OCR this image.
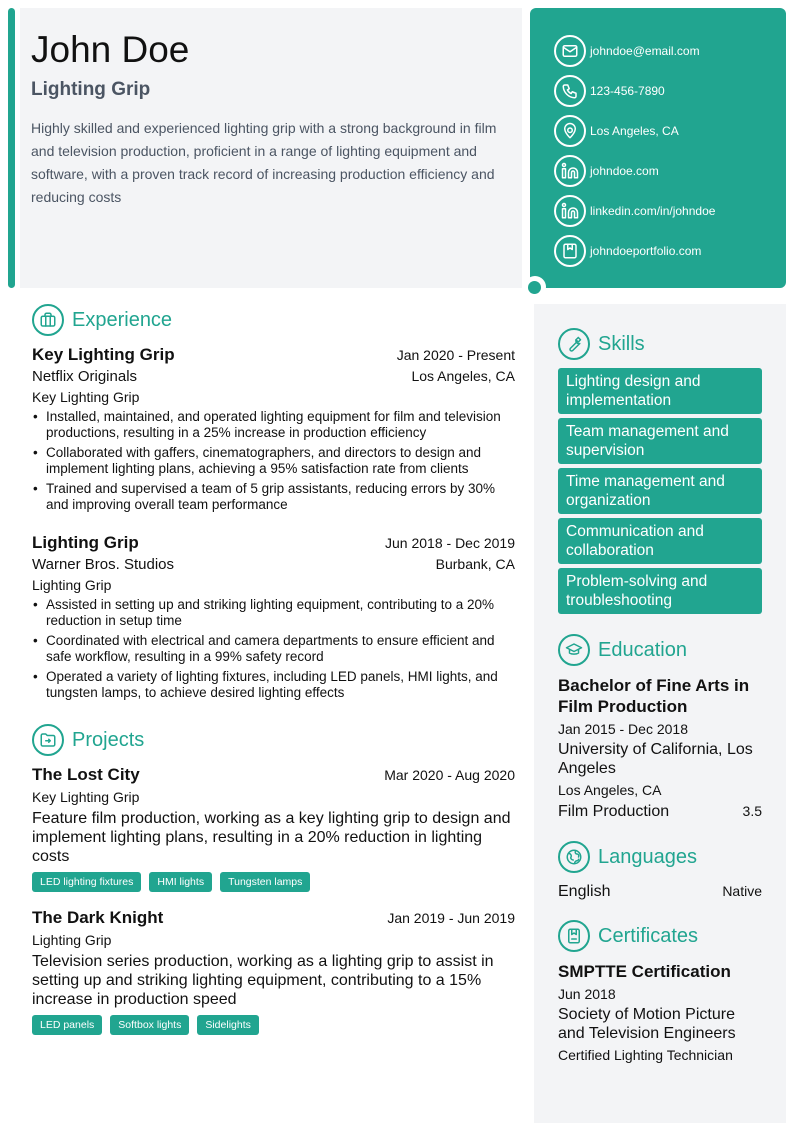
John Doe
Lighting Grip
Highly skilled and experienced lighting grip with a strong background in film and television production, proficient in a range of lighting equipment and software, with a proven track record of increasing production efficiency and reducing costs
johndoe@email.com
123-456-7890
Los Angeles, CA
johndoe.com
linkedin.com/in/johndoe
johndoeportfolio.com
Experience
Key Lighting Grip	Jan 2020 - Present
Netflix Originals	Los Angeles, CA
Key Lighting Grip
• Installed, maintained, and operated lighting equipment for film and television productions, resulting in a 25% increase in production efficiency
• Collaborated with gaffers, cinematographers, and directors to design and implement lighting plans, achieving a 95% satisfaction rate from clients
• Trained and supervised a team of 5 grip assistants, reducing errors by 30% and improving overall team performance
Lighting Grip	Jun 2018 - Dec 2019
Warner Bros. Studios	Burbank, CA
Lighting Grip
• Assisted in setting up and striking lighting equipment, contributing to a 20% reduction in setup time
• Coordinated with electrical and camera departments to ensure efficient and safe workflow, resulting in a 99% safety record
• Operated a variety of lighting fixtures, including LED panels, HMI lights, and tungsten lamps, to achieve desired lighting effects
Projects
The Lost City	Mar 2020 - Aug 2020
Key Lighting Grip
Feature film production, working as a key lighting grip to design and implement lighting plans, resulting in a 20% reduction in lighting costs
LED lighting fixtures	HMI lights	Tungsten lamps
The Dark Knight	Jan 2019 - Jun 2019
Lighting Grip
Television series production, working as a lighting grip to assist in setting up and striking lighting equipment, contributing to a 15% increase in production speed
LED panels	Softbox lights	Sidelights
Skills
Lighting design and implementation
Team management and supervision
Time management and organization
Communication and collaboration
Problem-solving and troubleshooting
Education
Bachelor of Fine Arts in Film Production
Jan 2015 - Dec 2018
University of California, Los Angeles
Los Angeles, CA
Film Production	3.5
Languages
English	Native
Certificates
SMPTTE Certification
Jun 2018
Society of Motion Picture and Television Engineers
Certified Lighting Technician
